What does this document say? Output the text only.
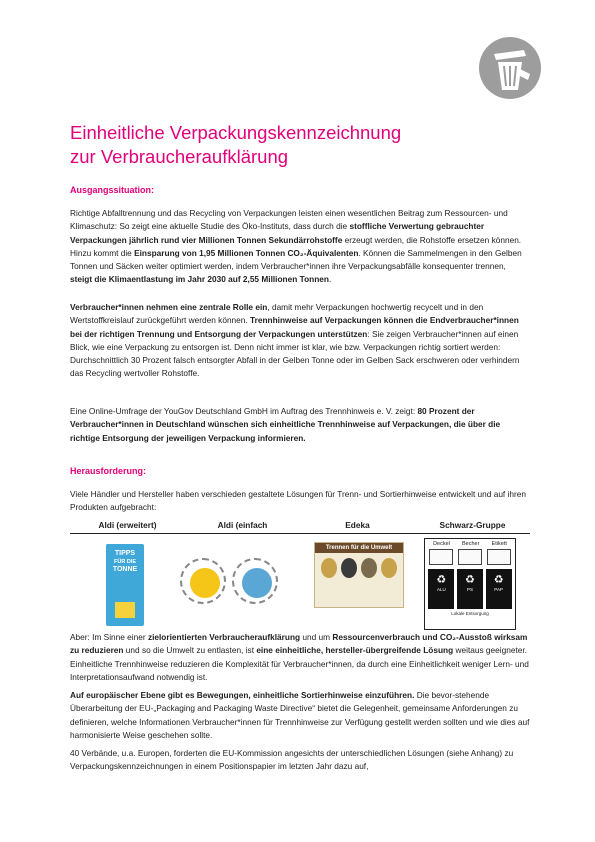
Einheitliche Verpackungskennzeichnung
zur Verbraucheraufklärung
Ausgangssituation:

Richtige Abfalltrennung und das Recycling von Verpackungen leisten einen wesentlichen Beitrag zum Ressourcen- und Klimaschutz: So zeigt eine aktuelle Studie des Öko-Instituts, dass durch die stoffliche Verwertung gebrauchter Verpackungen jährlich rund vier Millionen Tonnen Sekundärrohstoffe erzeugt werden, die Rohstoffe ersetzen können. Hinzu kommt die Einsparung von 1,95 Millionen Tonnen CO₂-Äquivalenten. Können die Sammelmengen in den Gelben Tonnen und Säcken weiter optimiert werden, indem Verbraucher*innen ihre Verpackungsabfälle konsequenter trennen, steigt die Klimaentlastung im Jahr 2030 auf 2,55 Millionen Tonnen.

Verbraucher*innen nehmen eine zentrale Rolle ein, damit mehr Verpackungen hochwertig recycelt und in den Wertstoffkreislauf zurückgeführt werden können. Trennhinweise auf Verpackungen können die Endverbraucher*innen bei der richtigen Trennung und Entsorgung der Verpackungen unterstützen: Sie zeigen Verbraucher*innen auf einen Blick, wie eine Verpackung zu entsorgen ist. Denn nicht immer ist klar, wie bzw. Verpackungen richtig sortiert werden: Durchschnittlich 30 Prozent falsch entsorgter Abfall in der Gelben Tonne oder im Gelben Sack erschweren oder verhindern das Recycling wertvoller Rohstoffe.

Eine Online-Umfrage der YouGov Deutschland GmbH im Auftrag des Trennhinweis e. V. zeigt: 80 Prozent der Verbraucher*innen in Deutschland wünschen sich einheitliche Trennhinweise auf Verpackungen, die über die richtige Entsorgung der jeweiligen Verpackung informieren.

Herausforderung:

Viele Händler und Hersteller haben verschieden gestaltete Lösungen für Trenn- und Sortierhinweise entwickelt und auf ihren Produkten aufgebracht:

Aldi (erweitert)	Aldi (einfach	Edeka	Schwarz-Gruppe
TIPPS
FÜR DIE
TONNE
Trennen für die Umwelt
Deckel Becher Etikett
♻
ALU
♻
PS
♻
PAP
Lokale Entsorgung

Aber: Im Sinne einer zielorientierten Verbraucheraufklärung und um Ressourcenverbrauch und CO₂-Ausstoß wirksam zu reduzieren und so die Umwelt zu entlasten, ist eine einheitliche, hersteller-übergreifende Lösung weitaus geeigneter. Einheitliche Trennhinweise reduzieren die Komplexität für Verbraucher*innen, da durch eine Einheitlichkeit weniger Lern- und Interpretationsaufwand notwendig ist.

Auf europäischer Ebene gibt es Bewegungen, einheitliche Sortierhinweise einzuführen. Die bevor-stehende Überarbeitung der EU-„Packaging and Packaging Waste Directive“ bietet die Gelegenheit, gemeinsame Anforderungen zu definieren, welche Informationen Verbraucher*innen für Trennhinweise zur Verfügung gestellt werden sollten und wie dies auf harmonisierte Weise geschehen sollte.

40 Verbände, u.a. Europen, forderten die EU-Kommission angesichts der unterschiedlichen Lösungen (siehe Anhang) zu Verpackungskennzeichnungen in einem Positionspapier im letzten Jahr dazu auf,
